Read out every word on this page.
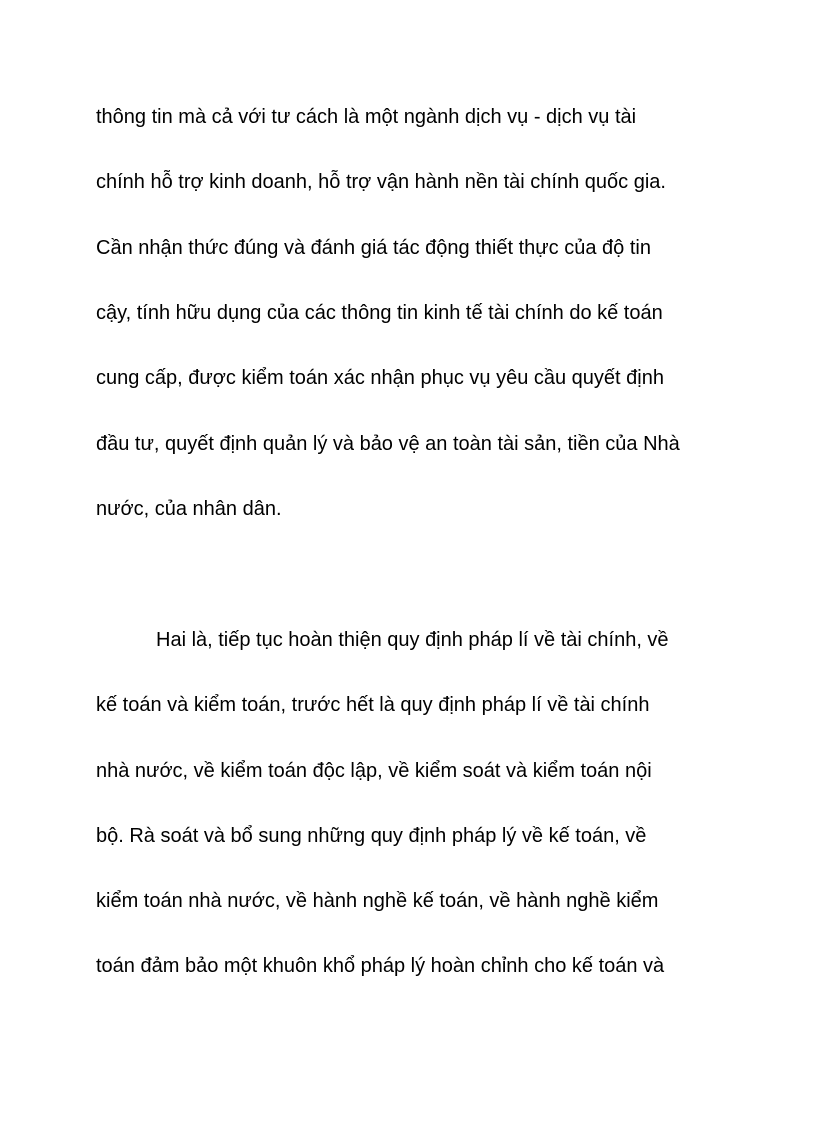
thông tin mà cả với tư cách là một ngành dịch vụ - dịch vụ tài
chính hỗ trợ kinh doanh, hỗ trợ vận hành nền tài chính quốc gia.
Cần nhận thức đúng và đánh giá tác động thiết thực của độ tin
cậy, tính hữu dụng của các thông tin kinh tế tài chính do kế toán
cung cấp, được kiểm toán xác nhận phục vụ yêu cầu quyết định
đầu tư, quyết định quản lý và bảo vệ an toàn tài sản, tiền của Nhà
nước, của nhân dân.
Hai là, tiếp tục hoàn thiện quy định pháp lí về tài chính, về
kế toán và kiểm toán, trước hết là quy định pháp lí về tài chính
nhà nước, về kiểm toán độc lập, về kiểm soát và kiểm toán nội
bộ. Rà soát và bổ sung những quy định pháp lý về kế toán, về
kiểm toán nhà nước, về hành nghề kế toán, về hành nghề kiểm
toán đảm bảo một khuôn khổ pháp lý hoàn chỉnh cho kế toán và
